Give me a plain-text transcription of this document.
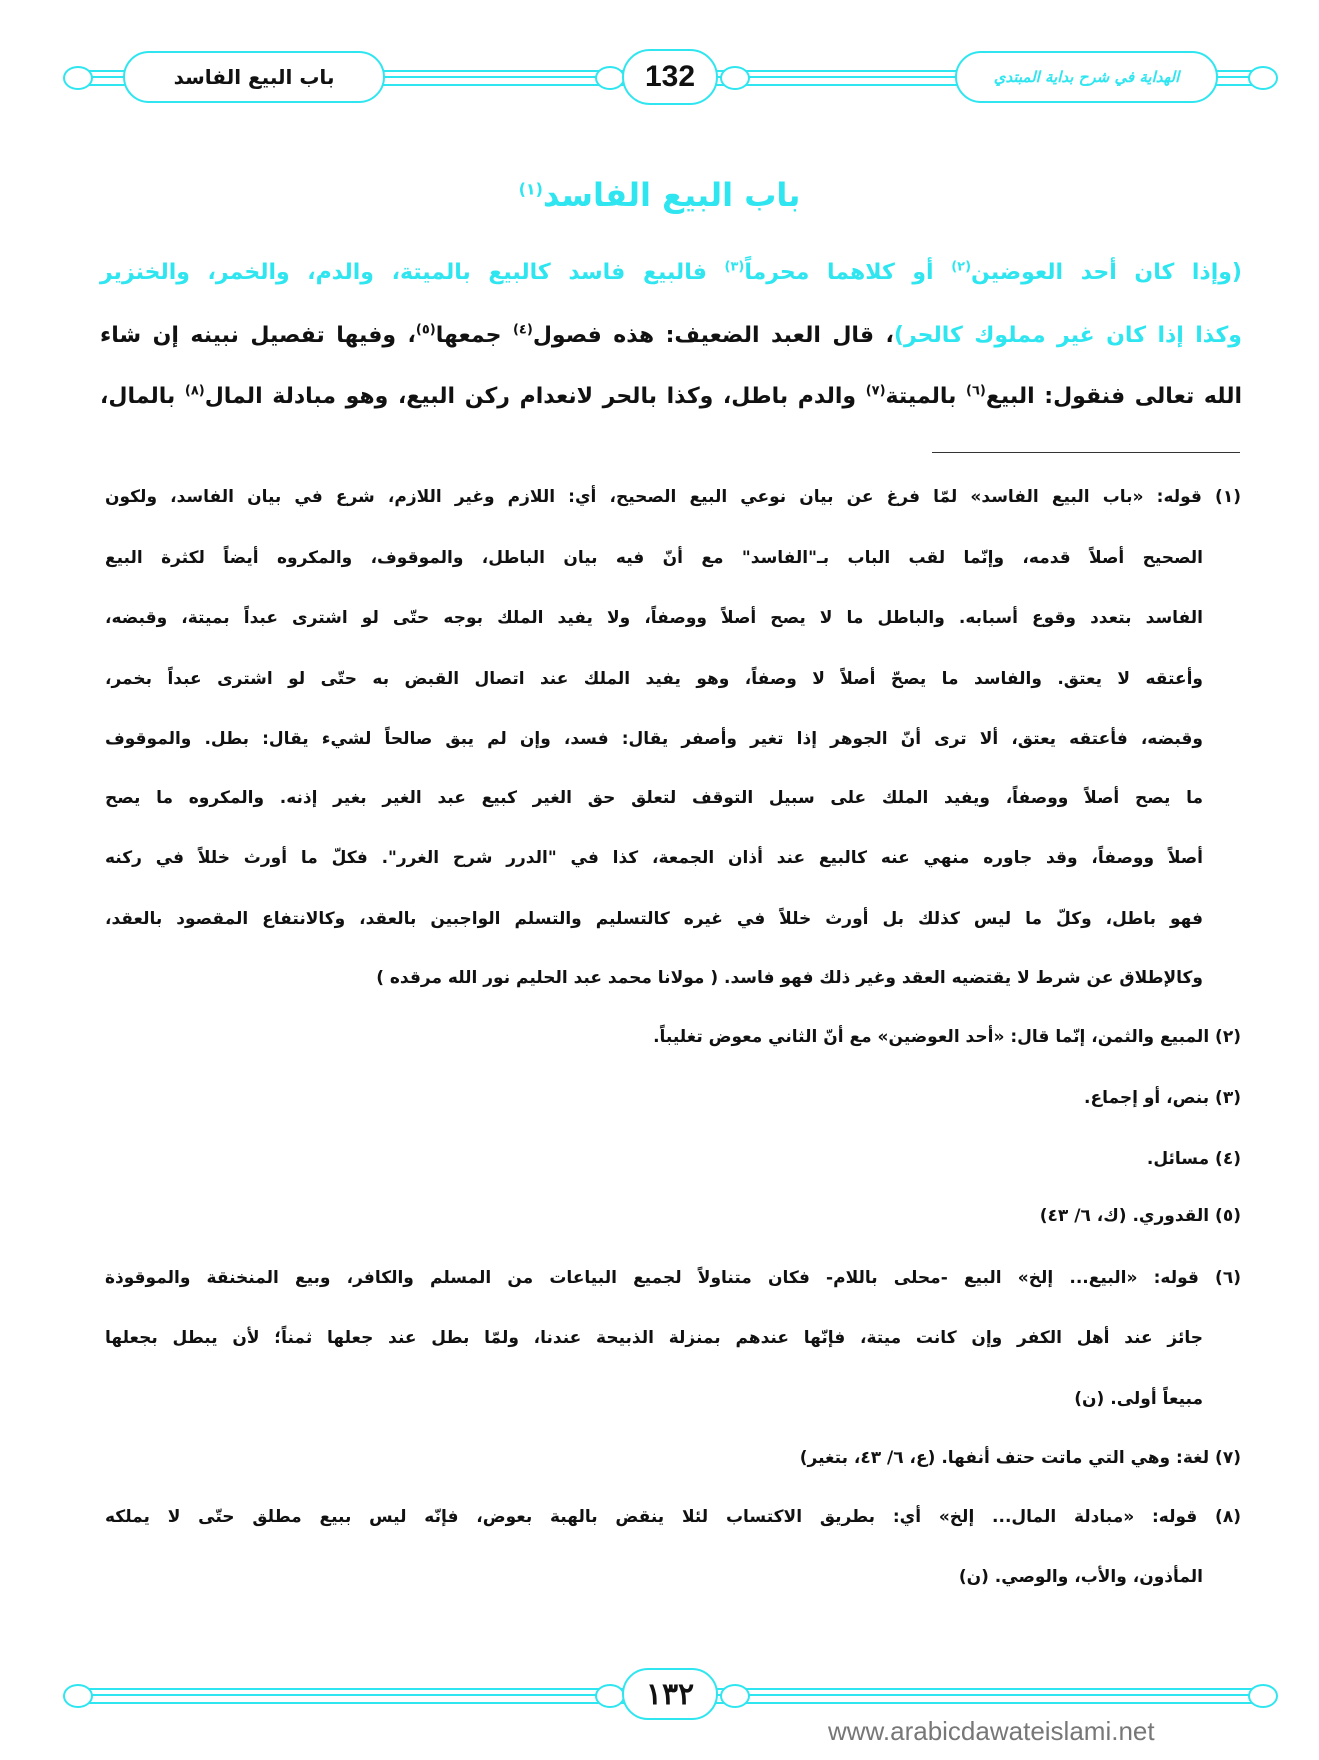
باب البيع الفاسد	132	الهداية في شرح بداية المبتدي
باب البيع الفاسد$^{(١)}$
(وإذا كان أحد العوضين$^{(٢)}$ أو كلاهما محرماً$^{(٣)}$ فالبيع فاسد كالبيع بالميتة، والدم، والخمر، والخنزير
وكذا إذا كان غير مملوك كالحر)، قال العبد الضعيف: هذه فصول$^{(٤)}$ جمعها$^{(٥)}$، وفيها تفصيل نبينه إن شاء
الله تعالى فنقول: البيع$^{(٦)}$ بالميتة$^{(٧)}$ والدم باطل، وكذا بالحر لانعدام ركن البيع، وهو مبادلة المال$^{(٨)}$ بالمال،
(١) قوله: «باب البيع الفاسد» لمّا فرغ عن بيان نوعي البيع الصحيح، أي: اللازم وغير اللازم، شرع في بيان الفاسد، ولكون
الصحيح أصلاً قدمه، وإنّما لقب الباب بـ"الفاسد" مع أنّ فيه بيان الباطل، والموقوف، والمكروه أيضاً لكثرة البيع
الفاسد بتعدد وقوع أسبابه. والباطل ما لا يصح أصلاً ووصفاً، ولا يفيد الملك بوجه حتّى لو اشترى عبداً بميتة، وقبضه،
وأعتقه لا يعتق. والفاسد ما يصحّ أصلاً لا وصفاً، وهو يفيد الملك عند اتصال القبض به حتّى لو اشترى عبداً بخمر،
وقبضه، فأعتقه يعتق، ألا ترى أنّ الجوهر إذا تغير وأصفر يقال: فسد، وإن لم يبق صالحاً لشيء يقال: بطل. والموقوف
ما يصح أصلاً ووصفاً، ويفيد الملك على سبيل التوقف لتعلق حق الغير كبيع عبد الغير بغير إذنه. والمكروه ما يصح
أصلاً ووصفاً، وقد جاوره منهي عنه كالبيع عند أذان الجمعة، كذا في "الدرر شرح الغرر". فكلّ ما أورث خللاً في ركنه
فهو باطل، وكلّ ما ليس كذلك بل أورث خللاً في غيره كالتسليم والتسلم الواجبين بالعقد، وكالانتفاع المقصود بالعقد،
وكالإطلاق عن شرط لا يقتضيه العقد وغير ذلك فهو فاسد. ( مولانا محمد عبد الحليم نور الله مرقده )
(٢) المبيع والثمن، إنّما قال: «أحد العوضين» مع أنّ الثاني معوض تغليباً.
(٣) بنص، أو إجماع.
(٤) مسائل.
(٥) القدوري. (ك، ٦/ ٤٣)
(٦) قوله: «البيع... إلخ» البيع -محلى باللام- فكان متناولاً لجميع البياعات من المسلم والكافر، وبيع المنخنقة والموقوذة
جائز عند أهل الكفر وإن كانت ميتة، فإنّها عندهم بمنزلة الذبيحة عندنا، ولمّا بطل عند جعلها ثمناً؛ لأن يبطل بجعلها
مبيعاً أولى. (ن)
(٧) لغة: وهي التي ماتت حتف أنفها. (ع، ٦/ ٤٣، بتغير)
(٨) قوله: «مبادلة المال... إلخ» أي: بطريق الاكتساب لئلا ينقض بالهبة بعوض، فإنّه ليس ببيع مطلق حتّى لا يملكه
المأذون، والأب، والوصي. (ن)
١٣٢
www.arabicdawateislami.net
